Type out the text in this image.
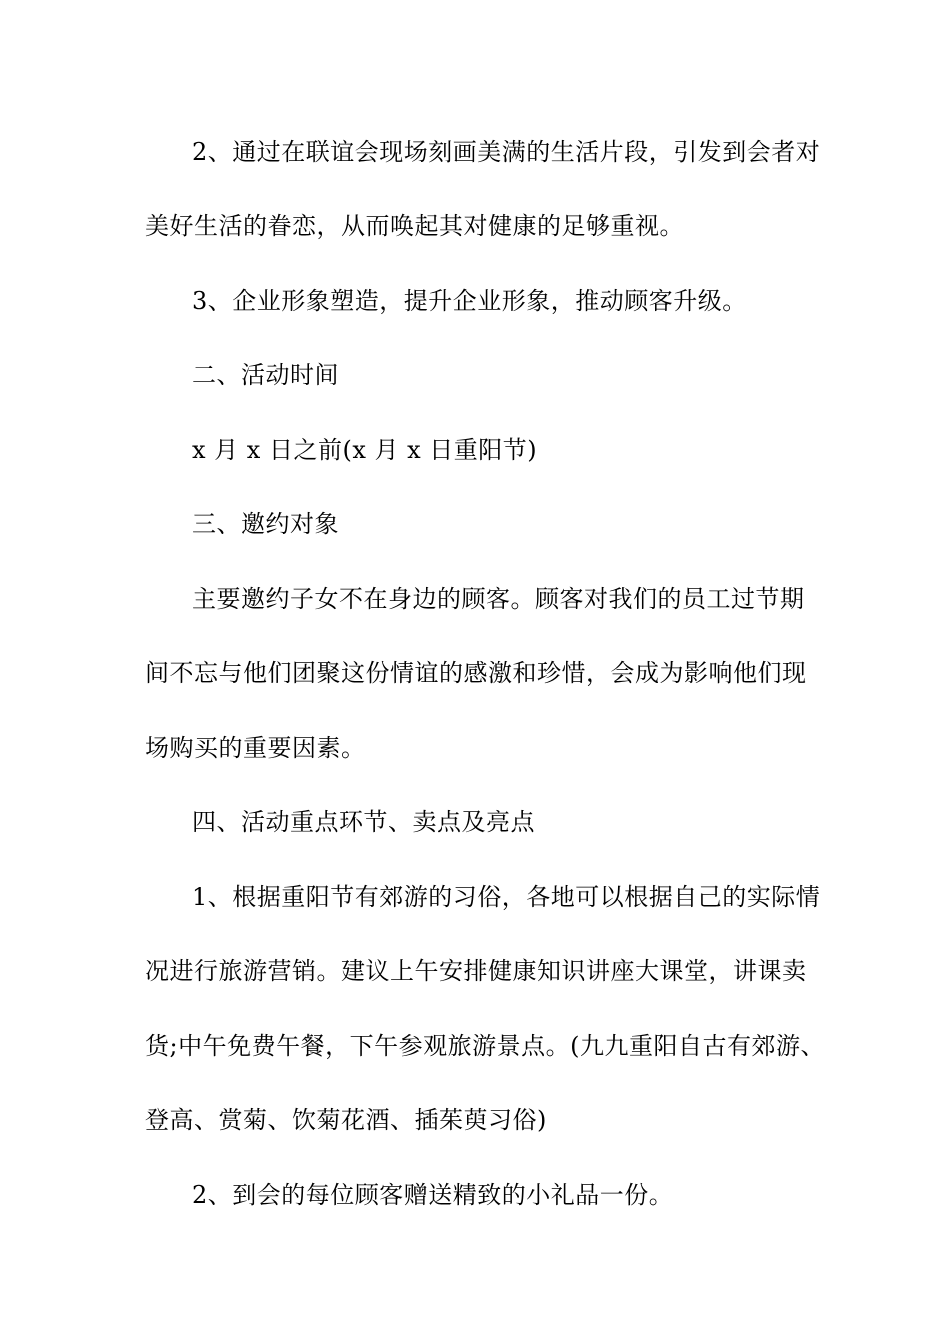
2、通过在联谊会现场刻画美满的生活片段，引发到会者对
美好生活的眷恋，从而唤起其对健康的足够重视。
3、企业形象塑造，提升企业形象，推动顾客升级。
二、活动时间
x 月 x 日之前(x 月 x 日重阳节)
三、邀约对象
主要邀约子女不在身边的顾客。顾客对我们的员工过节期
间不忘与他们团聚这份情谊的感激和珍惜，会成为影响他们现
场购买的重要因素。
四、活动重点环节、卖点及亮点
1、根据重阳节有郊游的习俗，各地可以根据自己的实际情
况进行旅游营销。建议上午安排健康知识讲座大课堂，讲课卖
货;中午免费午餐，下午参观旅游景点。(九九重阳自古有郊游、
登高、赏菊、饮菊花酒、插茱萸习俗)
2、到会的每位顾客赠送精致的小礼品一份。
